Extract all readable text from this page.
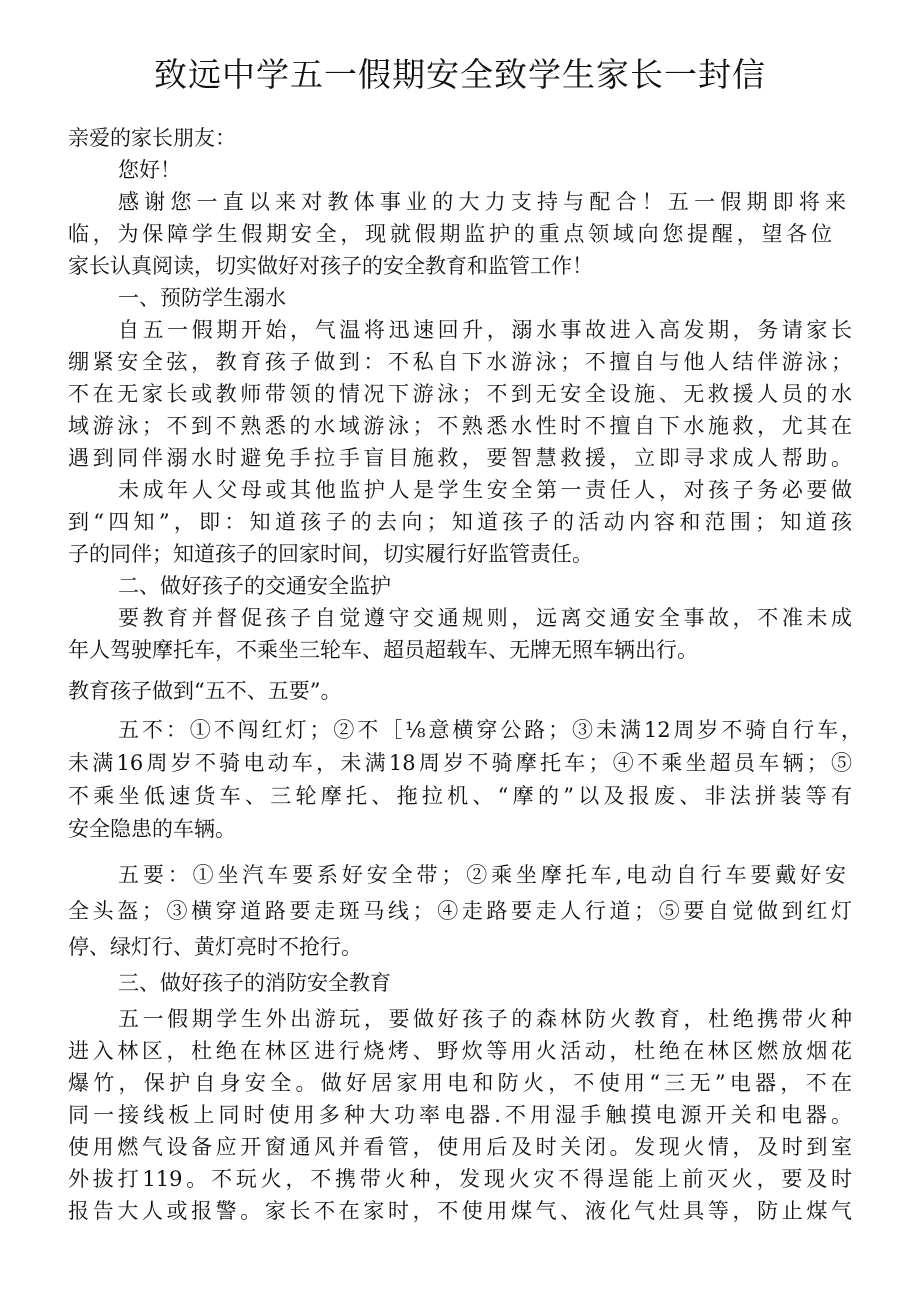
致远中学五一假期安全致学生家长一封信

亲爱的家长朋友：

您好！

感谢您一直以来对教体事业的大力支持与配合！五一假期即将来

临，为保障学生假期安全，现就假期监护的重点领域向您提醒，望各位

家长认真阅读，切实做好对孩子的安全教育和监管工作！

一、预防学生溺水

自五一假期开始，气温将迅速回升，溺水事故进入高发期，务请家长

绷紧安全弦，教育孩子做到：不私自下水游泳；不擅自与他人结伴游泳；

不在无家长或教师带领的情况下游泳；不到无安全设施、无救援人员的水

域游泳；不到不熟悉的水域游泳；不熟悉水性时不擅自下水施救，尤其在

遇到同伴溺水时避免手拉手盲目施救，要智慧救援，立即寻求成人帮助。

未成年人父母或其他监护人是学生安全第一责任人，对孩子务必要做

到“四知”，即：知道孩子的去向；知道孩子的活动内容和范围；知道孩

子的同伴；知道孩子的回家时间，切实履行好监管责任。

二、做好孩子的交通安全监护

要教育并督促孩子自觉遵守交通规则，远离交通安全事故，不准未成

年人驾驶摩托车，不乘坐三轮车、超员超载车、无牌无照车辆出行。

教育孩子做到“五不、五要”。

五不：①不闯红灯；②不［⅛意横穿公路；③未满12周岁不骑自行车，

未满16周岁不骑电动车，未满18周岁不骑摩托车；④不乘坐超员车辆；⑤

不乘坐低速货车、三轮摩托、拖拉机、“摩的”以及报废、非法拼装等有

安全隐患的车辆。

五要：①坐汽车要系好安全带；②乘坐摩托车,电动自行车要戴好安

全头盔；③横穿道路要走斑马线；④走路要走人行道；⑤要自觉做到红灯

停、绿灯行、黄灯亮时不抢行。

三、做好孩子的消防安全教育

五一假期学生外出游玩，要做好孩子的森林防火教育，杜绝携带火种

进入林区，杜绝在林区进行烧烤、野炊等用火活动，杜绝在林区燃放烟花

爆竹，保护自身安全。做好居家用电和防火，不使用“三无”电器，不在

同一接线板上同时使用多种大功率电器.不用湿手触摸电源开关和电器。

使用燃气设备应开窗通风并看管，使用后及时关闭。发现火情，及时到室

外拔打119。不玩火，不携带火种，发现火灾不得逞能上前灭火，要及时

报告大人或报警。家长不在家时，不使用煤气、液化气灶具等，防止煤气
